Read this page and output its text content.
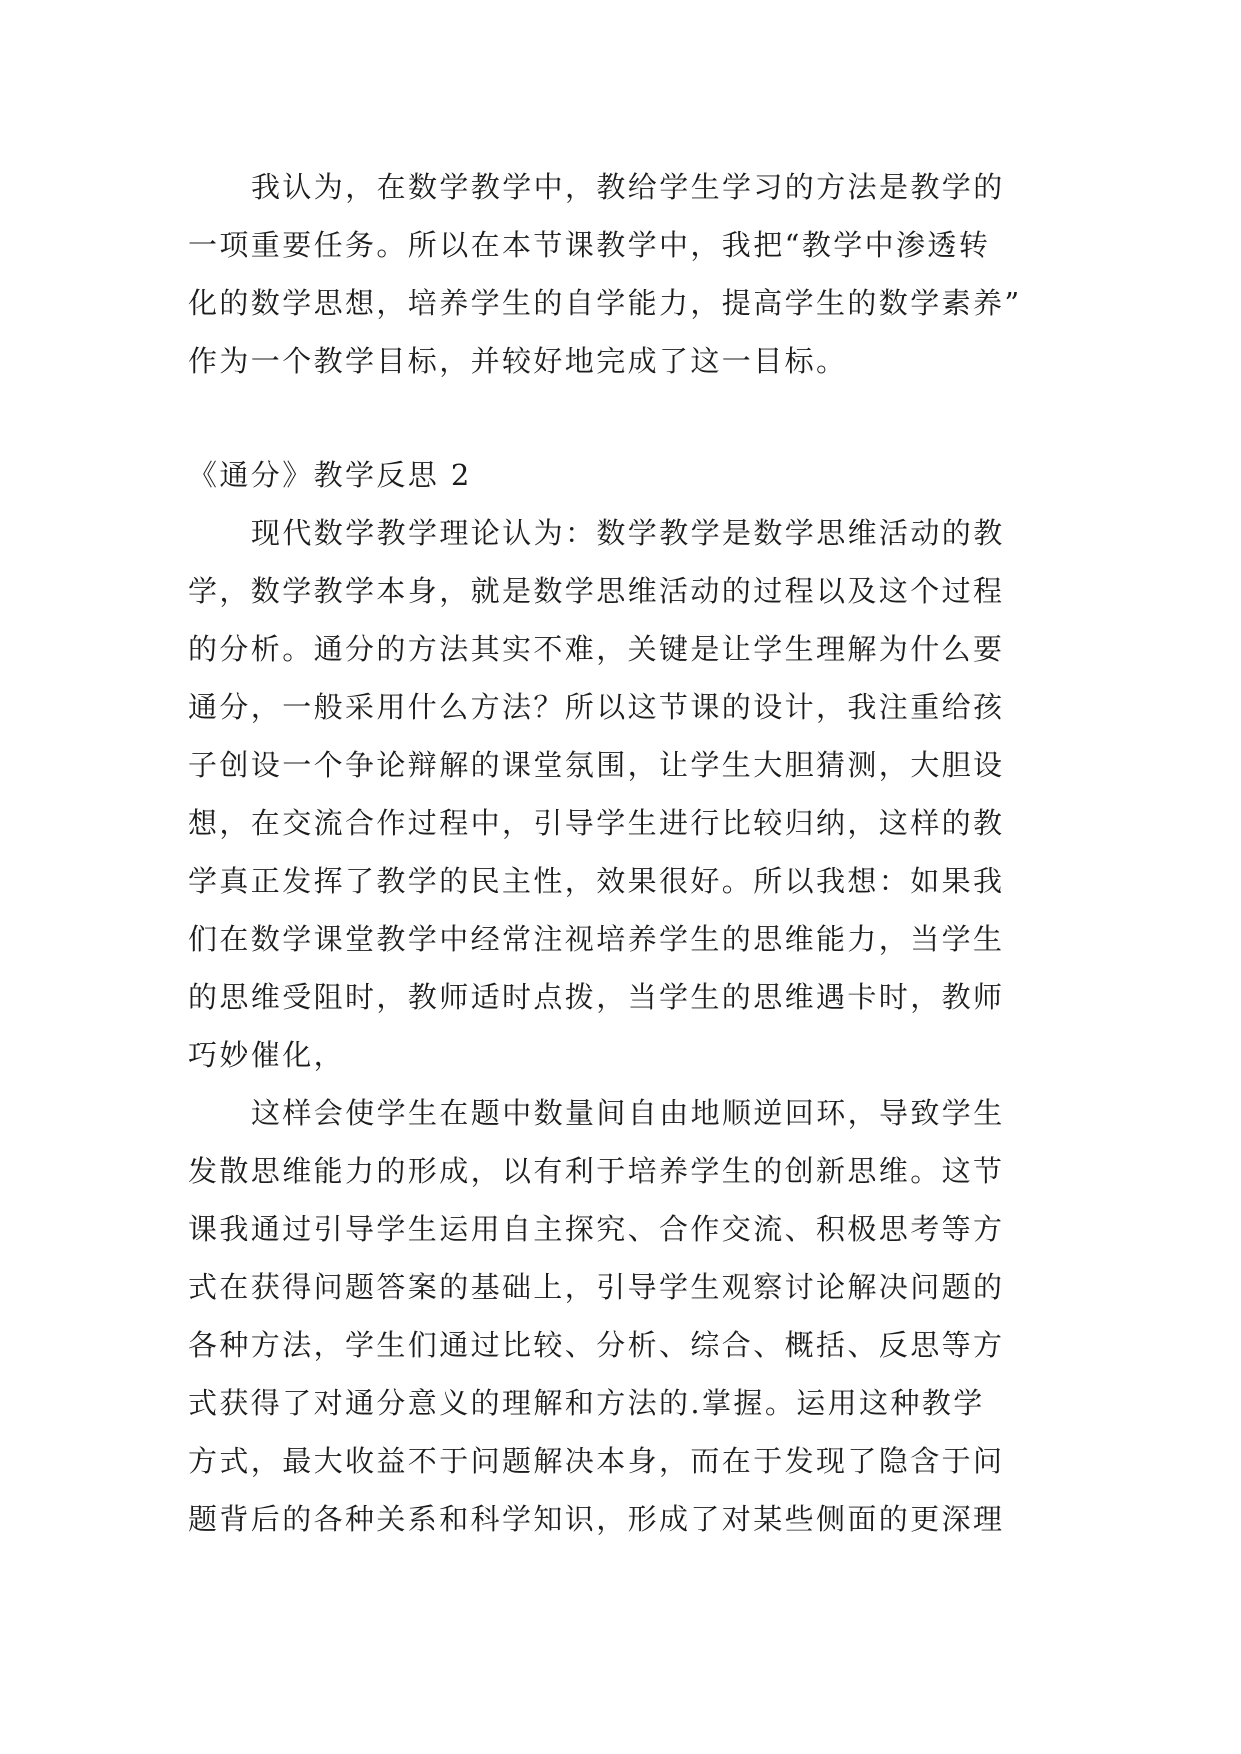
我认为，在数学教学中，教给学生学习的方法是教学的
一项重要任务。所以在本节课教学中，我把“教学中渗透转
化的数学思想，培养学生的自学能力，提高学生的数学素养”
作为一个教学目标，并较好地完成了这一目标。
《通分》教学反思 2
现代数学教学理论认为：数学教学是数学思维活动的教
学，数学教学本身，就是数学思维活动的过程以及这个过程
的分析。通分的方法其实不难，关键是让学生理解为什么要
通分，一般采用什么方法？所以这节课的设计，我注重给孩
子创设一个争论辩解的课堂氛围，让学生大胆猜测，大胆设
想，在交流合作过程中，引导学生进行比较归纳，这样的教
学真正发挥了教学的民主性，效果很好。所以我想：如果我
们在数学课堂教学中经常注视培养学生的思维能力，当学生
的思维受阻时，教师适时点拨，当学生的思维遇卡时，教师
巧妙催化，
这样会使学生在题中数量间自由地顺逆回环，导致学生
发散思维能力的形成，以有利于培养学生的创新思维。这节
课我通过引导学生运用自主探究、合作交流、积极思考等方
式在获得问题答案的基础上，引导学生观察讨论解决问题的
各种方法，学生们通过比较、分析、综合、概括、反思等方
式获得了对通分意义的理解和方法的.掌握。运用这种教学
方式，最大收益不于问题解决本身，而在于发现了隐含于问
题背后的各种关系和科学知识，形成了对某些侧面的更深理
